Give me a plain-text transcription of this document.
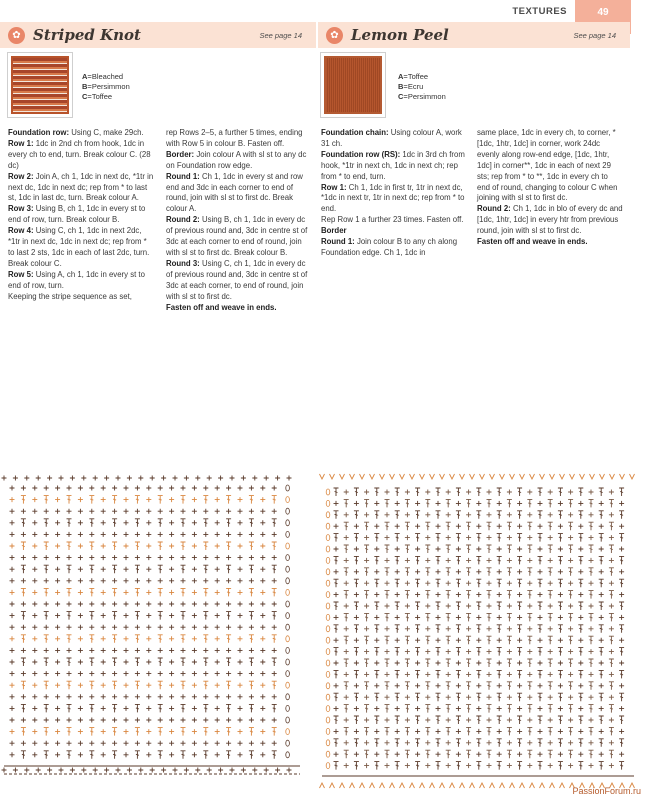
TEXTURES	49
✿ Striped Knot	See page 14	✿ Lemon Peel	See page 14
A=Bleached
B=Persimmon
C=Toffee
A=Toffee
B=Ecru
C=Persimmon

Foundation row: Using C, make 29ch.

Row 1: 1dc in 2nd ch from hook, 1dc in every ch to end, turn. Break colour C. (28 dc)

Row 2: Join A, ch 1, 1dc in next dc, *1tr in next dc, 1dc in next dc; rep from * to last st, 1dc in last dc, turn. Break colour A.

Row 3: Using B, ch 1, 1dc in every st to end of row, turn. Break colour B.

Row 4: Using C, ch 1, 1dc in next 2dc, *1tr in next dc, 1dc in next dc; rep from * to last 2 sts, 1dc in each of last 2dc, turn. Break colour C.

Row 5: Using A, ch 1, 1dc in every st to end of row, turn.

Keeping the stripe sequence as set,

rep Rows 2–5, a further 5 times, ending with Row 5 in colour B. Fasten off.

Border: Join colour A with sl st to any dc on Foundation row edge.

Round 1: Ch 1, 1dc in every st and row end and 3dc in each corner to end of round, join with sl st to first dc. Break colour A.

Round 2: Using B, ch 1, 1dc in every dc of previous round and, 3dc in centre st of 3dc at each corner to end of round, join with sl st to first dc. Break colour B.

Round 3: Using C, ch 1, 1dc in every dc of previous round and, 3dc in centre st of 3dc at each corner, to end of round, join with sl st to first dc.

Fasten off and weave in ends.

Foundation chain: Using colour A, work 31 ch.

Foundation row (RS): 1dc in 3rd ch from hook, *1tr in next ch, 1dc in next ch; rep from * to end, turn.

Row 1: Ch 1, 1dc in first tr, 1tr in next dc, *1dc in next tr, 1tr in next dc; rep from * to end.

Rep Row 1 a further 23 times. Fasten off.

Border

Round 1: Join colour B to any ch along Foundation edge. Ch 1, 1dc in

same place, 1dc in every ch, to corner, *[1dc, 1htr, 1dc] in corner, work 24dc evenly along row-end edge, [1dc, 1htr, 1dc] in corner**, 1dc in each of next 29 sts; rep from * to **, 1dc in every ch to end of round, changing to colour C when joining with sl st to first dc.

Round 2: Ch 1, 1dc in blo of every dc and [1dc, 1htr, 1dc] in every htr from previous round, join with sl st to first dc.

Fasten off and weave in ends.

PassionForum.ru
